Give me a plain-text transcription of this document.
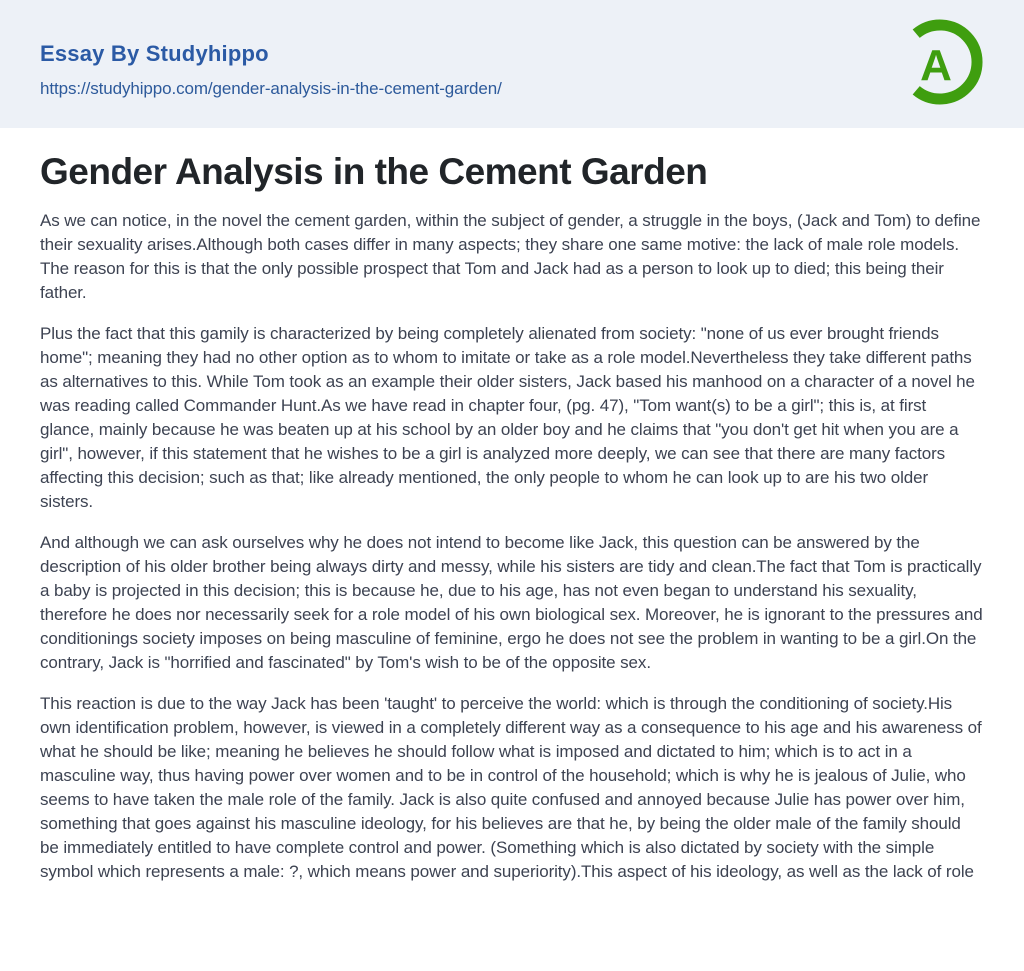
Essay By Studyhippo
https://studyhippo.com/gender-analysis-in-the-cement-garden/	A
Gender Analysis in the Cement Garden

As we can notice, in the novel the cement garden, within the subject of gender, a struggle in the boys, (Jack and Tom) to define their sexuality arises.Although both cases differ in many aspects; they share one same motive: the lack of male role models. The reason for this is that the only possible prospect that Tom and Jack had as a person to look up to died; this being their father.

Plus the fact that this gamily is characterized by being completely alienated from society: "none of us ever brought friends home"; meaning they had no other option as to whom to imitate or take as a role model.Nevertheless they take different paths as alternatives to this. While Tom took as an example their older sisters, Jack based his manhood on a character of a novel he was reading called Commander Hunt.As we have read in chapter four, (pg. 47), "Tom want(s) to be a girl"; this is, at first glance, mainly because he was beaten up at his school by an older boy and he claims that "you don't get hit when you are a girl", however, if this statement that he wishes to be a girl is analyzed more deeply, we can see that there are many factors affecting this decision; such as that; like already mentioned, the only people to whom he can look up to are his two older sisters.

And although we can ask ourselves why he does not intend to become like Jack, this question can be answered by the description of his older brother being always dirty and messy, while his sisters are tidy and clean.The fact that Tom is practically a baby is projected in this decision; this is because he, due to his age, has not even began to understand his sexuality, therefore he does nor necessarily seek for a role model of his own biological sex. Moreover, he is ignorant to the pressures and conditionings society imposes on being masculine of feminine, ergo he does not see the problem in wanting to be a girl.On the contrary, Jack is "horrified and fascinated" by Tom's wish to be of the opposite sex.

This reaction is due to the way Jack has been 'taught' to perceive the world: which is through the conditioning of society.His own identification problem, however, is viewed in a completely different way as a consequence to his age and his awareness of what he should be like; meaning he believes he should follow what is imposed and dictated to him; which is to act in a masculine way, thus having power over women and to be in control of the household; which is why he is jealous of Julie, who seems to have taken the male role of the family. Jack is also quite confused and annoyed because Julie has power over him, something that goes against his masculine ideology, for his believes are that he, by being the older male of the family should be immediately entitled to have complete control and power. (Something which is also dictated by society with the simple symbol which represents a male: ?, which means power and superiority).This aspect of his ideology, as well as the lack of role
